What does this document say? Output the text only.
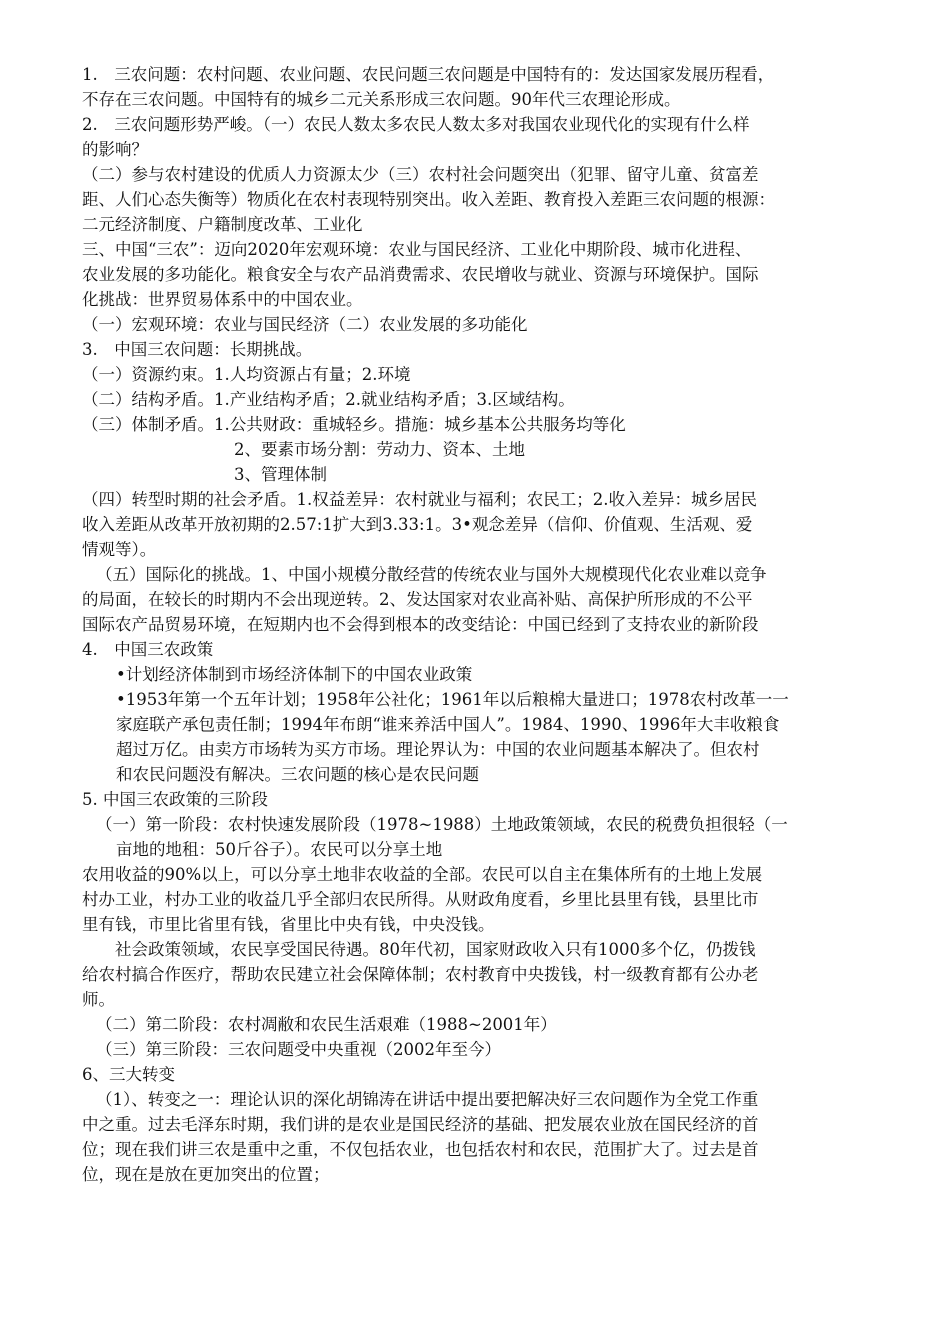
1.　三农问题：农村问题、农业问题、农民问题三农问题是中国特有的：发达国家发展历程看，
不存在三农问题。中国特有的城乡二元关系形成三农问题。90年代三农理论形成。
2.　三农问题形势严峻。（一）农民人数太多农民人数太多对我国农业现代化的实现有什么样
的影响？
（二）参与农村建设的优质人力资源太少（三）农村社会问题突出（犯罪、留守儿童、贫富差
距、人们心态失衡等）物质化在农村表现特别突出。收入差距、教育投入差距三农问题的根源：
二元经济制度、户籍制度改革、工业化
三、中国“三农”：迈向2020年宏观环境：农业与国民经济、工业化中期阶段、城市化进程、
农业发展的多功能化。粮食安全与农产品消费需求、农民增收与就业、资源与环境保护。国际
化挑战：世界贸易体系中的中国农业。
（一）宏观环境：农业与国民经济（二）农业发展的多功能化
3.　中国三农问题：长期挑战。
（一）资源约束。1.人均资源占有量；2.环境
（二）结构矛盾。1.产业结构矛盾；2.就业结构矛盾；3.区域结构。
（三）体制矛盾。1.公共财政：重城轻乡。措施：城乡基本公共服务均等化
2、要素市场分割：劳动力、资本、土地
3、管理体制
（四）转型时期的社会矛盾。1.权益差异：农村就业与福利；农民工；2.收入差异：城乡居民
收入差距从改革开放初期的2.57:1扩大到3.33:1。3•观念差异（信仰、价值观、生活观、爱
情观等）。
（五）国际化的挑战。1、中国小规模分散经营的传统农业与国外大规模现代化农业难以竞争
的局面，在较长的时期内不会出现逆转。2、发达国家对农业高补贴、高保护所形成的不公平
国际农产品贸易环境，在短期内也不会得到根本的改变结论：中国已经到了支持农业的新阶段
4.　中国三农政策
•计划经济体制到市场经济体制下的中国农业政策
•1953年第一个五年计划；1958年公社化；1961年以后粮棉大量进口；1978农村改革一一
家庭联产承包责任制；1994年布朗“谁来养活中国人”。1984、1990、1996年大丰收粮食
超过万亿。由卖方市场转为买方市场。理论界认为：中国的农业问题基本解决了。但农村
和农民问题没有解决。三农问题的核心是农民问题
5. 中国三农政策的三阶段
（一）第一阶段：农村快速发展阶段（1978~1988）土地政策领域，农民的税费负担很轻（一
亩地的地租：50斤谷子）。农民可以分享土地
农用收益的90%以上，可以分享土地非农收益的全部。农民可以自主在集体所有的土地上发展
村办工业，村办工业的收益几乎全部归农民所得。从财政角度看，乡里比县里有钱，县里比市
里有钱，市里比省里有钱，省里比中央有钱，中央没钱。
　　社会政策领域，农民享受国民待遇。80年代初，国家财政收入只有1000多个亿，仍拨钱
给农村搞合作医疗，帮助农民建立社会保障体制；农村教育中央拨钱，村一级教育都有公办老
师。
（二）第二阶段：农村凋敝和农民生活艰难（1988~2001年）
（三）第三阶段：三农问题受中央重视（2002年至今）
6、三大转变
（1）、转变之一：理论认识的深化胡锦涛在讲话中提出要把解决好三农问题作为全党工作重
中之重。过去毛泽东时期，我们讲的是农业是国民经济的基础、把发展农业放在国民经济的首
位；现在我们讲三农是重中之重，不仅包括农业，也包括农村和农民，范围扩大了。过去是首
位，现在是放在更加突出的位置；
